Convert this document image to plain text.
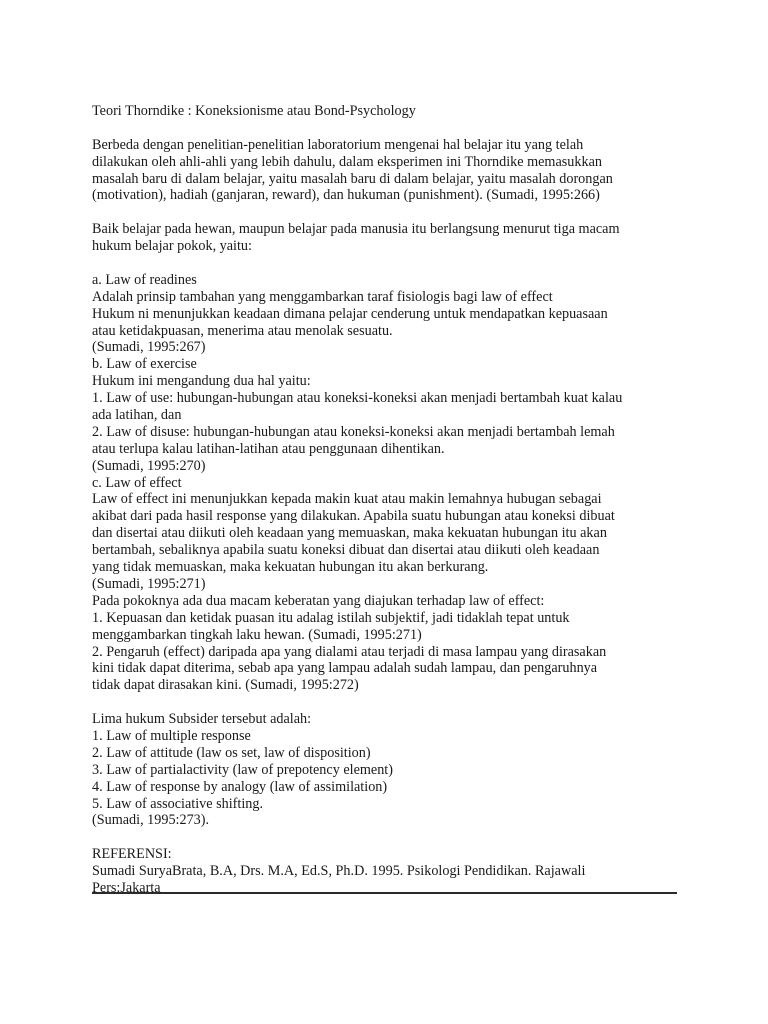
Teori Thorndike : Koneksionisme atau Bond-Psychology
Berbeda dengan penelitian-penelitian laboratorium mengenai hal belajar itu yang telah
dilakukan oleh ahli-ahli yang lebih dahulu, dalam eksperimen ini Thorndike memasukkan
masalah baru di dalam belajar, yaitu masalah baru di dalam belajar, yaitu masalah dorongan
(motivation), hadiah (ganjaran, reward), dan hukuman (punishment). (Sumadi, 1995:266)
Baik belajar pada hewan, maupun belajar pada manusia itu berlangsung menurut tiga macam
hukum belajar pokok, yaitu:
a. Law of readines
Adalah prinsip tambahan yang menggambarkan taraf fisiologis bagi law of effect
Hukum ni menunjukkan keadaan dimana pelajar cenderung untuk mendapatkan kepuasaan
atau ketidakpuasan, menerima atau menolak sesuatu.
(Sumadi, 1995:267)
b. Law of exercise
Hukum ini mengandung dua hal yaitu:
1. Law of use: hubungan-hubungan atau koneksi-koneksi akan menjadi bertambah kuat kalau
ada latihan, dan
2. Law of disuse: hubungan-hubungan atau koneksi-koneksi akan menjadi bertambah lemah
atau terlupa kalau latihan-latihan atau penggunaan dihentikan.
(Sumadi, 1995:270)
c. Law of effect
Law of effect ini menunjukkan kepada makin kuat atau makin lemahnya hubugan sebagai
akibat dari pada hasil response yang dilakukan. Apabila suatu hubungan atau koneksi dibuat
dan disertai atau diikuti oleh keadaan yang memuaskan, maka kekuatan hubungan itu akan
bertambah, sebaliknya apabila suatu koneksi dibuat dan disertai atau diikuti oleh keadaan
yang tidak memuaskan, maka kekuatan hubungan itu akan berkurang.
(Sumadi, 1995:271)
Pada pokoknya ada dua macam keberatan yang diajukan terhadap law of effect:
1. Kepuasan dan ketidak puasan itu adalag istilah subjektif, jadi tidaklah tepat untuk
menggambarkan tingkah laku hewan. (Sumadi, 1995:271)
2. Pengaruh (effect) daripada apa yang dialami atau terjadi di masa lampau yang dirasakan
kini tidak dapat diterima, sebab apa yang lampau adalah sudah lampau, dan pengaruhnya
tidak dapat dirasakan kini. (Sumadi, 1995:272)
Lima hukum Subsider tersebut adalah:
1. Law of multiple response
2. Law of attitude (law os set, law of disposition)
3. Law of partialactivity (law of prepotency element)
4. Law of response by analogy (law of assimilation)
5. Law of associative shifting.
(Sumadi, 1995:273).
REFERENSI:
Sumadi SuryaBrata, B.A, Drs. M.A, Ed.S, Ph.D. 1995. Psikologi Pendidikan. Rajawali
Pers:Jakarta
